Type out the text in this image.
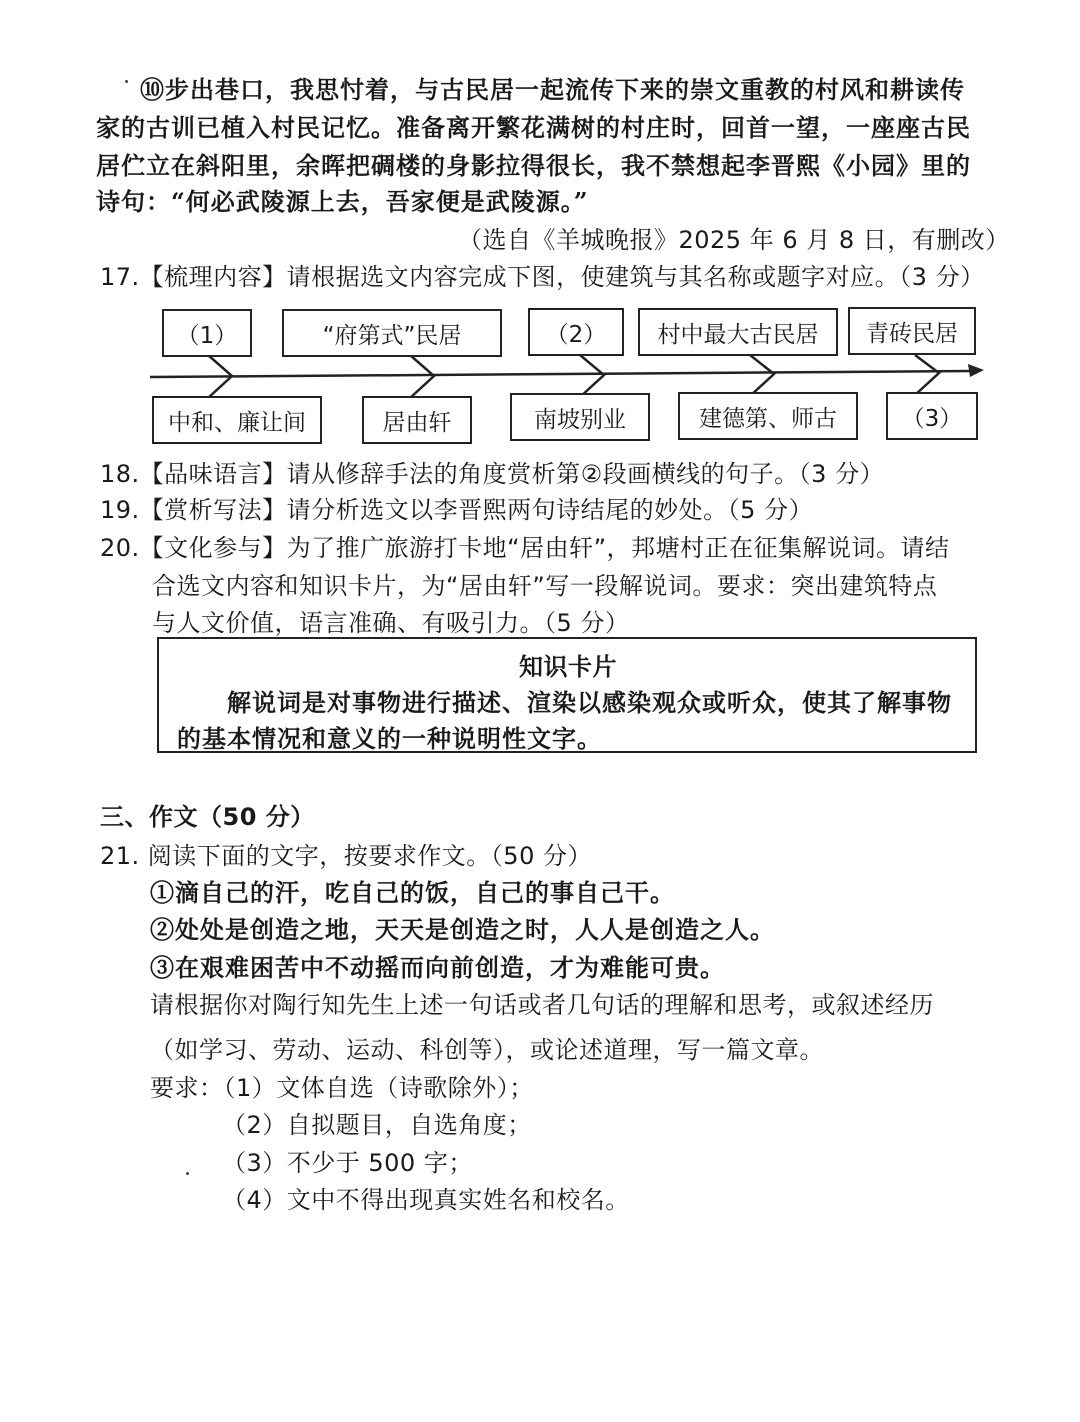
⑩步出巷口，我思忖着，与古民居一起流传下来的崇文重教的村风和耕读传
家的古训已植入村民记忆。准备离开繁花满树的村庄时，回首一望，一座座古民
居伫立在斜阳里，余晖把碉楼的身影拉得很长，我不禁想起李晋熙《小园》里的
诗句：“何必武陵源上去，吾家便是武陵源。”
（选自《羊城晚报》2025 年 6 月 8 日，有删改）
17.【梳理内容】请根据选文内容完成下图，使建筑与其名称或题字对应。（3 分）
（1）	“府第式”民居	（2）	村中最大古民居	青砖民居
中和、廉让间	居由轩	南坡别业	建德第、师古	（3）
18.【品味语言】请从修辞手法的角度赏析第②段画横线的句子。（3 分）
19.【赏析写法】请分析选文以李晋熙两句诗结尾的妙处。（5 分）
20.【文化参与】为了推广旅游打卡地“居由轩”，邦塘村正在征集解说词。请结
合选文内容和知识卡片，为“居由轩”写一段解说词。要求：突出建筑特点
与人文价值，语言准确、有吸引力。（5 分）
知识卡片
解说词是对事物进行描述、渲染以感染观众或听众，使其了解事物
的基本情况和意义的一种说明性文字。
三、作文（50 分）
21. 阅读下面的文字，按要求作文。（50 分）
①滴自己的汗，吃自己的饭，自己的事自己干。
②处处是创造之地，天天是创造之时，人人是创造之人。
③在艰难困苦中不动摇而向前创造，才为难能可贵。
请根据你对陶行知先生上述一句话或者几句话的理解和思考，或叙述经历
（如学习、劳动、运动、科创等），或论述道理，写一篇文章。
要求：（1）文体自选（诗歌除外）；
（2）自拟题目，自选角度；
（3）不少于 500 字；
（4）文中不得出现真实姓名和校名。
